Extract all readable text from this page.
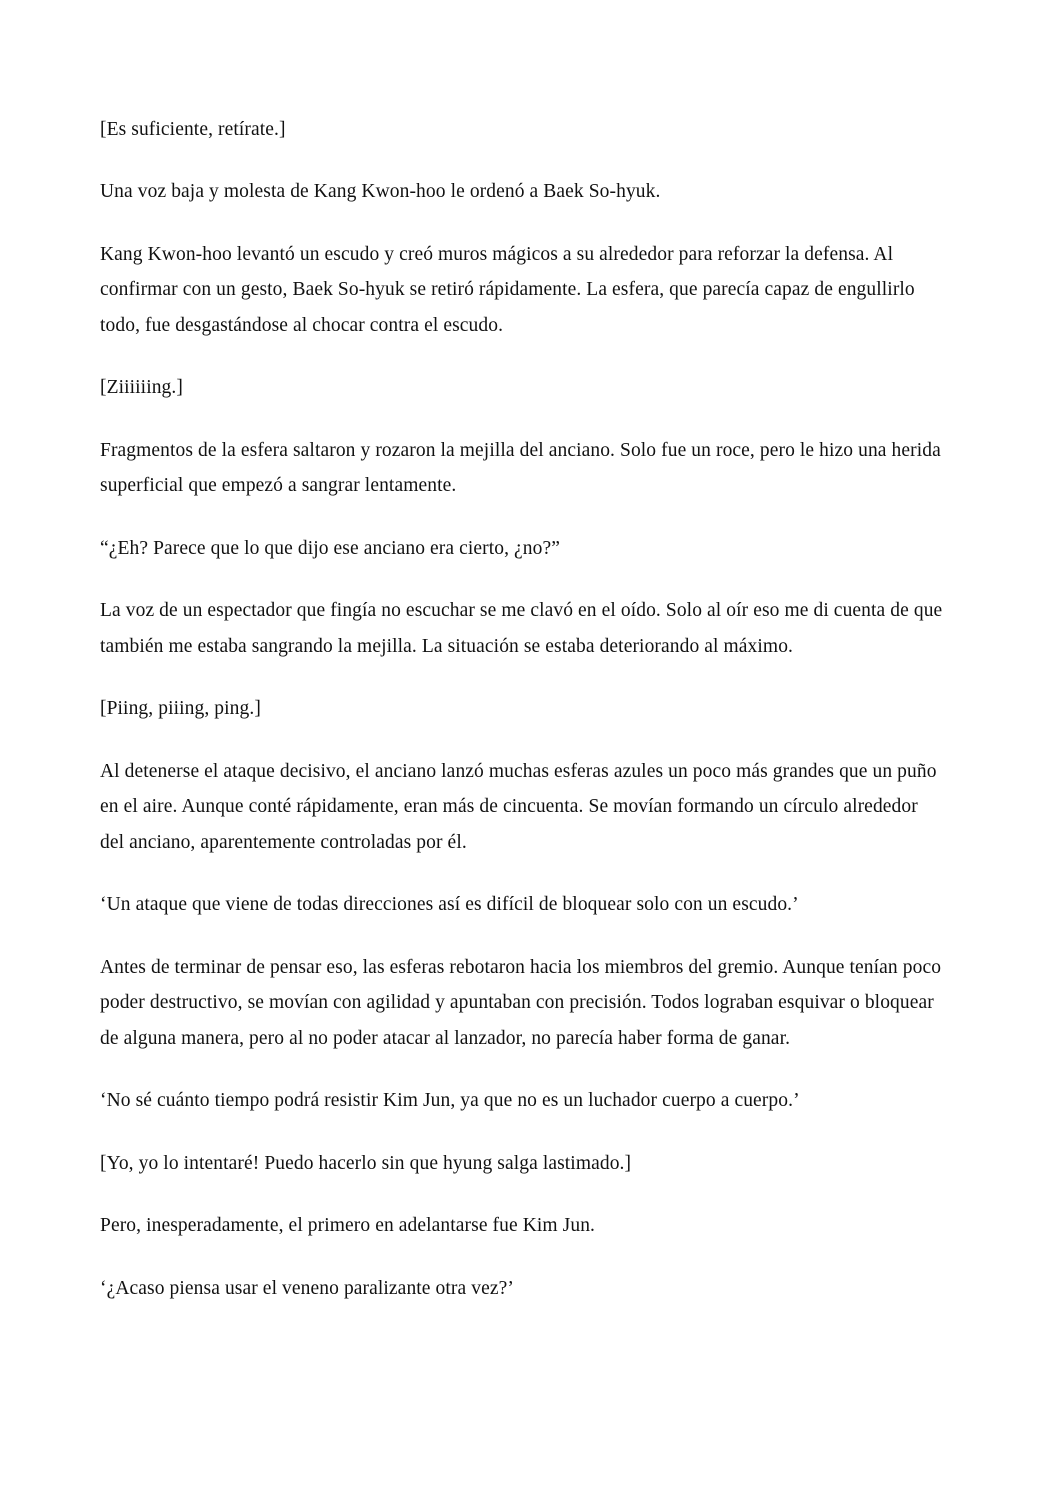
[Es suficiente, retírate.]

Una voz baja y molesta de Kang Kwon-hoo le ordenó a Baek So-hyuk.

Kang Kwon-hoo levantó un escudo y creó muros mágicos a su alrededor para reforzar la defensa. Al confirmar con un gesto, Baek So-hyuk se retiró rápidamente. La esfera, que parecía capaz de engullirlo todo, fue desgastándose al chocar contra el escudo.

[Ziiiiiing.]

Fragmentos de la esfera saltaron y rozaron la mejilla del anciano. Solo fue un roce, pero le hizo una herida superficial que empezó a sangrar lentamente.

“¿Eh? Parece que lo que dijo ese anciano era cierto, ¿no?”

La voz de un espectador que fingía no escuchar se me clavó en el oído. Solo al oír eso me di cuenta de que también me estaba sangrando la mejilla. La situación se estaba deteriorando al máximo.

[Piing, piiing, ping.]

Al detenerse el ataque decisivo, el anciano lanzó muchas esferas azules un poco más grandes que un puño en el aire. Aunque conté rápidamente, eran más de cincuenta. Se movían formando un círculo alrededor del anciano, aparentemente controladas por él.

‘Un ataque que viene de todas direcciones así es difícil de bloquear solo con un escudo.’

Antes de terminar de pensar eso, las esferas rebotaron hacia los miembros del gremio. Aunque tenían poco poder destructivo, se movían con agilidad y apuntaban con precisión. Todos lograban esquivar o bloquear de alguna manera, pero al no poder atacar al lanzador, no parecía haber forma de ganar.

‘No sé cuánto tiempo podrá resistir Kim Jun, ya que no es un luchador cuerpo a cuerpo.’

[Yo, yo lo intentaré! Puedo hacerlo sin que hyung salga lastimado.]

Pero, inesperadamente, el primero en adelantarse fue Kim Jun.

‘¿Acaso piensa usar el veneno paralizante otra vez?’
